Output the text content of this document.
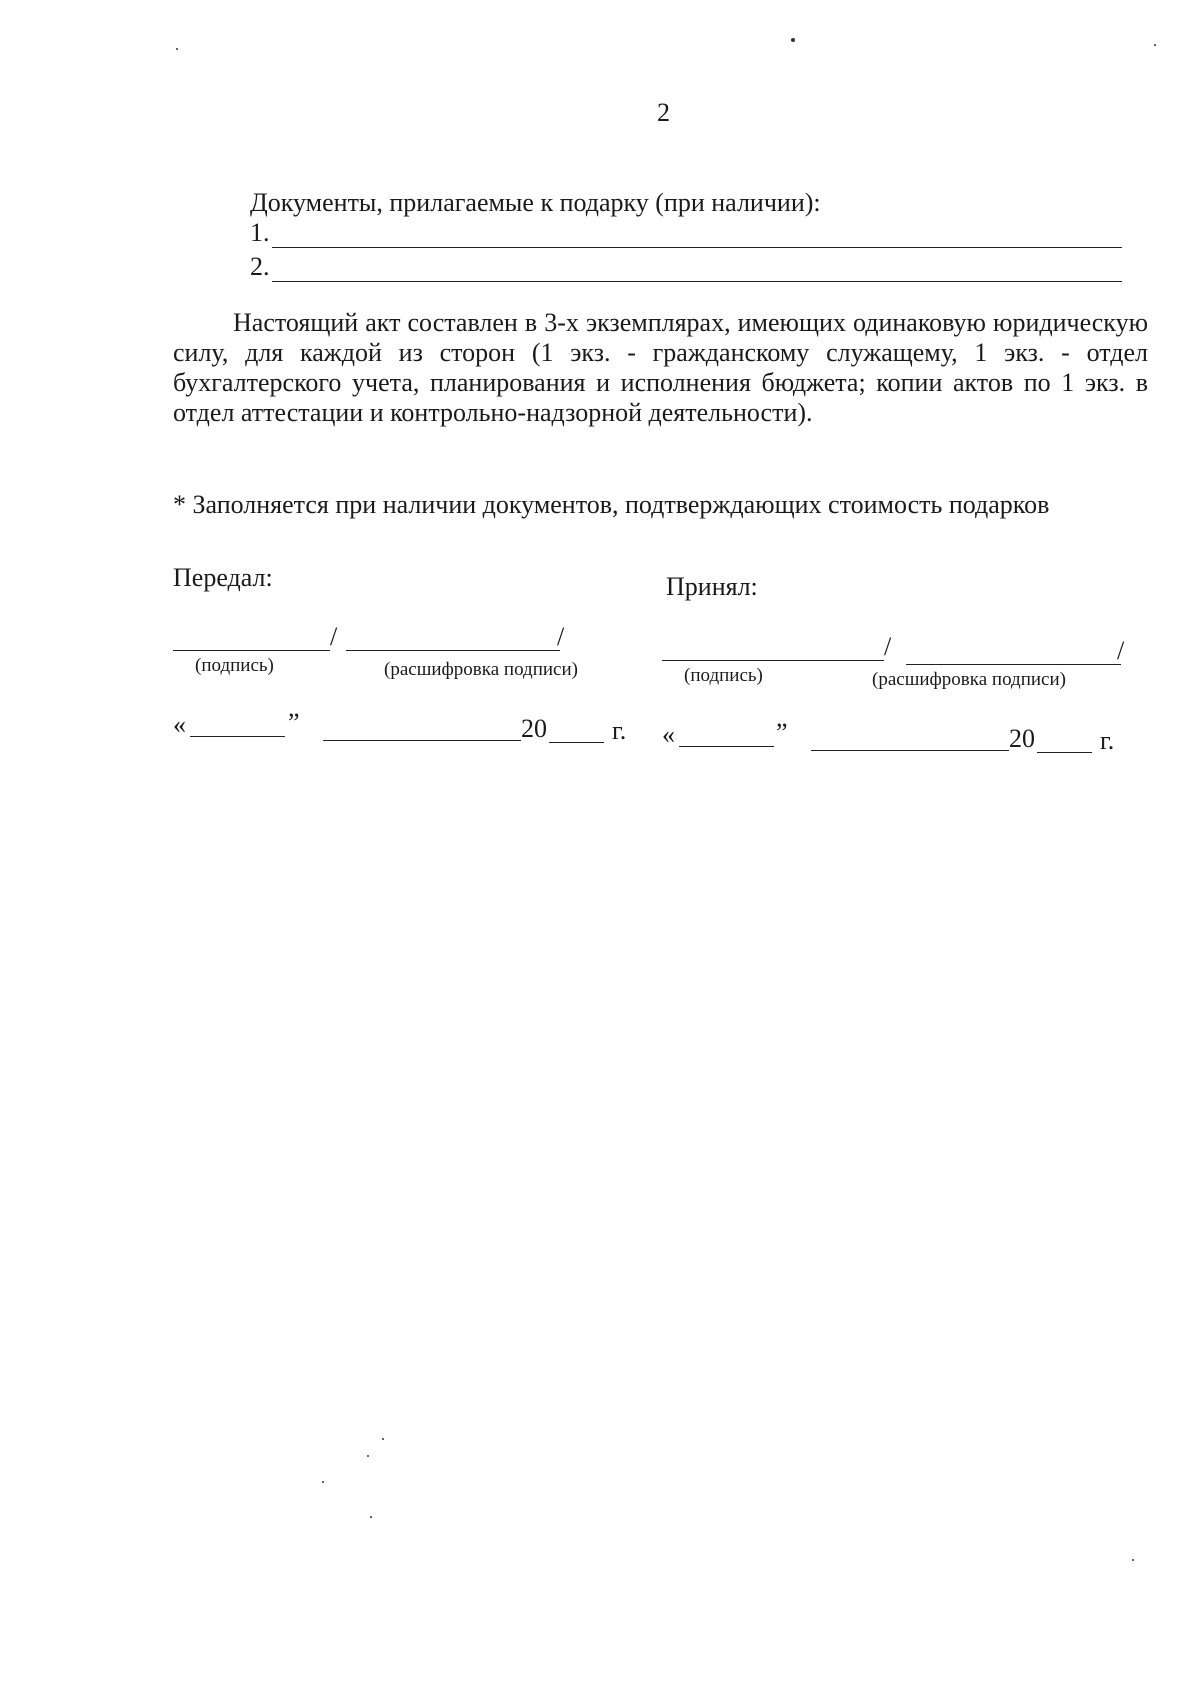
2
Документы, прилагаемые к подарку (при наличии):
1.
2.
Настоящий акт составлен в 3-х экземплярах, имеющих одинаковую юридическую силу, для каждой из сторон (1 экз. - гражданскому служащему, 1 экз. - отдел бухгалтерского учета, планирования и исполнения бюджета; копии актов по 1 экз. в отдел аттестации и контрольно-надзорной деятельности).
* Заполняется при наличии документов, подтверждающих стоимость подарков
Передал:
/	/
(подпись)	(расшифровка подписи)
«	”	20	г.
Принял:
/	/
(подпись)	(расшифровка подписи)
«	”	20	г.
